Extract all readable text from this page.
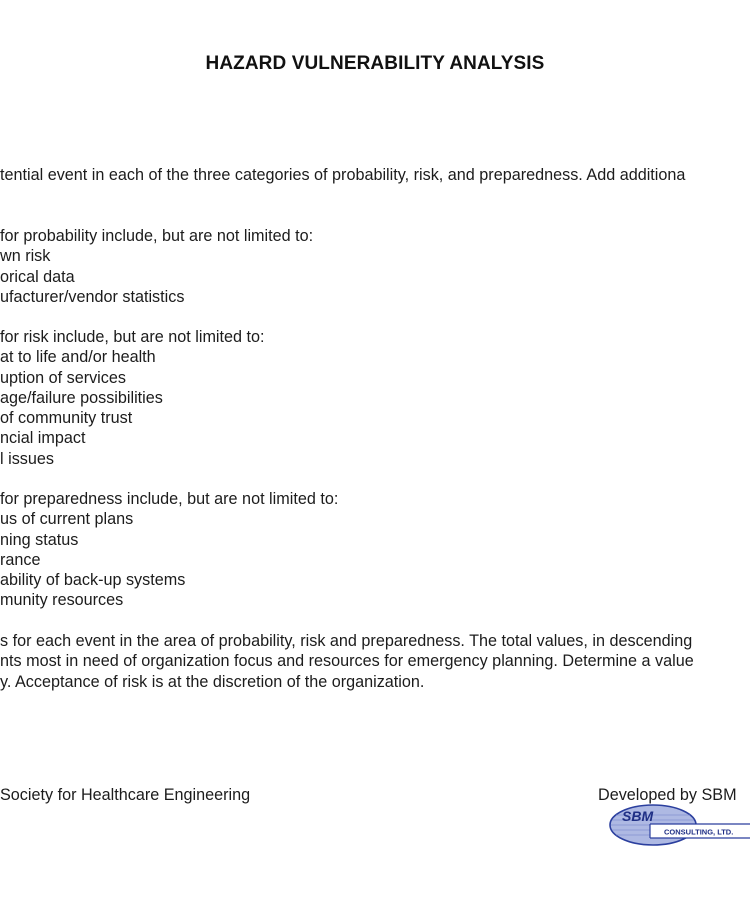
HAZARD VULNERABILITY ANALYSIS
tential event in each of the three categories of probability, risk, and preparedness. Add additiona
for probability include, but are not limited to:
wn risk
orical data
ufacturer/vendor statistics
for risk include, but are not limited to:
at to life and/or health
uption of services
age/failure possibilities
of community trust
ncial impact
l issues
for preparedness include, but are not limited to:
us of current plans
ning status
rance
ability of back-up systems
munity resources
s for each event in the area of probability, risk and preparedness. The total values, in descending
nts most in need of organization focus and resources for emergency planning. Determine a value
y. Acceptance of risk is at the discretion of the organization.
Society for Healthcare Engineering	Developed by SBM
SBM
CONSULTING, LTD.
